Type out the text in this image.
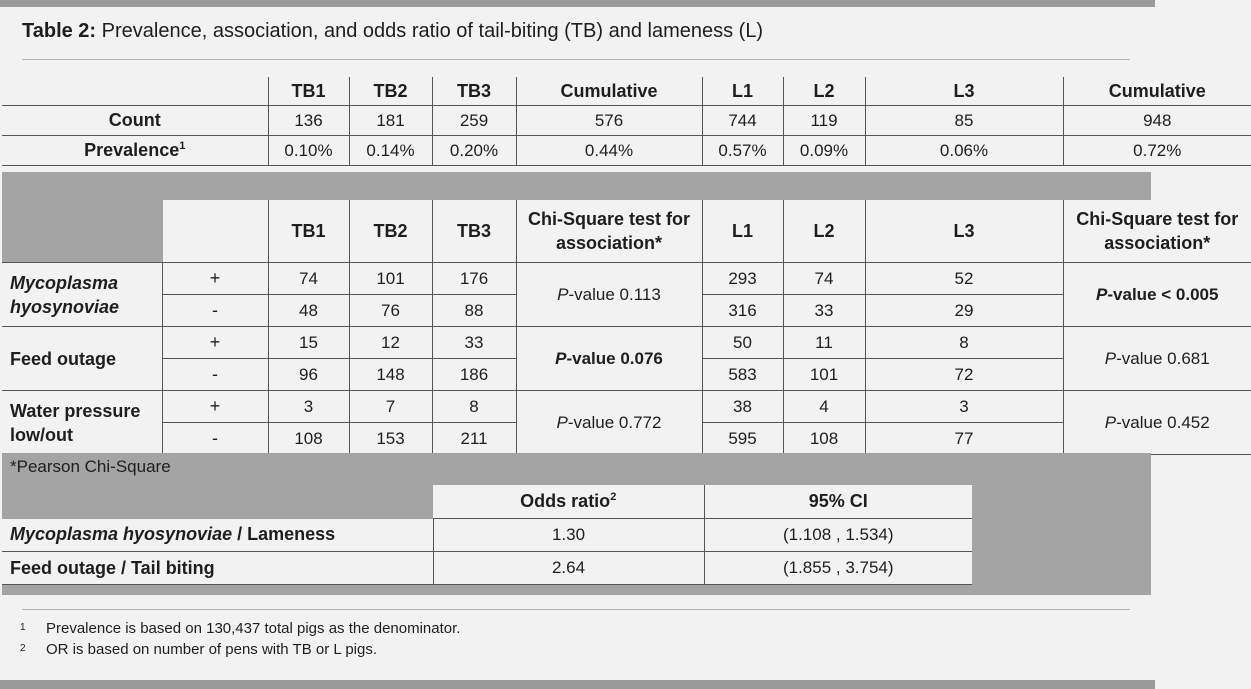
Table 2: Prevalence, association, and odds ratio of tail-biting (TB) and lameness (L)
	TB1	TB2	TB3	Cumulative	L1	L2	L3	Cumulative
Count	136	181	259	576	744	119	85	948
Prevalence$^1$	0.10%	0.14%	0.20%	0.44%	0.57%	0.09%	0.06%	0.72%
		TB1	TB2	TB3	Chi-Square test for association*	L1	L2	L3	Chi-Square test for association*
Mycoplasma hyosynoviae	+	74	101	176	P-value 0.113	293	74	52	P-value < 0.005
	-	48	76	88		316	33	29	
Feed outage	+	15	12	33	P-value 0.076	50	11	8	P-value 0.681
	-	96	148	186		583	101	72	
Water pressure low/out	+	3	7	8	P-value 0.772	38	4	3	P-value 0.452
	-	108	153	211		595	108	77	
*Pearson Chi-Square
	Odds ratio$^2$	95% CI
Mycoplasma hyosynoviae / Lameness	1.30	(1.108 , 1.534)
Feed outage / Tail biting	2.64	(1.855 , 3.754)
1 Prevalence is based on 130,437 total pigs as the denominator.
2 OR is based on number of pens with TB or L pigs.
